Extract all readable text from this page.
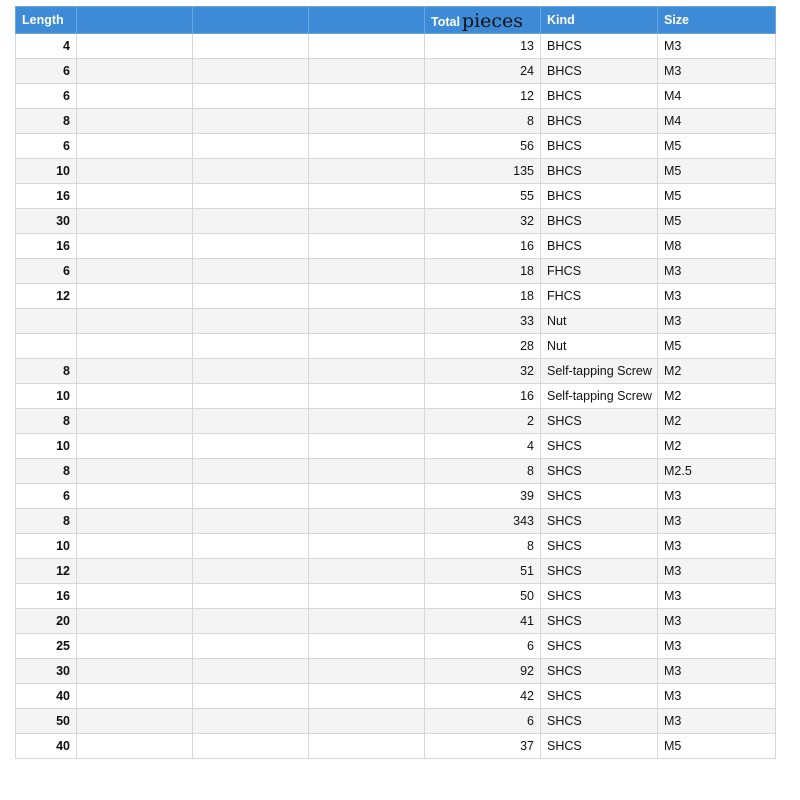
Length				Total pieces	Kind	Size
4				13	BHCS	M3
6				24	BHCS	M3
6				12	BHCS	M4
8				8	BHCS	M4
6				56	BHCS	M5
10				135	BHCS	M5
16				55	BHCS	M5
30				32	BHCS	M5
16				16	BHCS	M8
6				18	FHCS	M3
12				18	FHCS	M3
				33	Nut	M3
				28	Nut	M5
8				32	Self-tapping Screw	M2
10				16	Self-tapping Screw	M2
8				2	SHCS	M2
10				4	SHCS	M2
8				8	SHCS	M2.5
6				39	SHCS	M3
8				343	SHCS	M3
10				8	SHCS	M3
12				51	SHCS	M3
16				50	SHCS	M3
20				41	SHCS	M3
25				6	SHCS	M3
30				92	SHCS	M3
40				42	SHCS	M3
50				6	SHCS	M3
40				37	SHCS	M5
